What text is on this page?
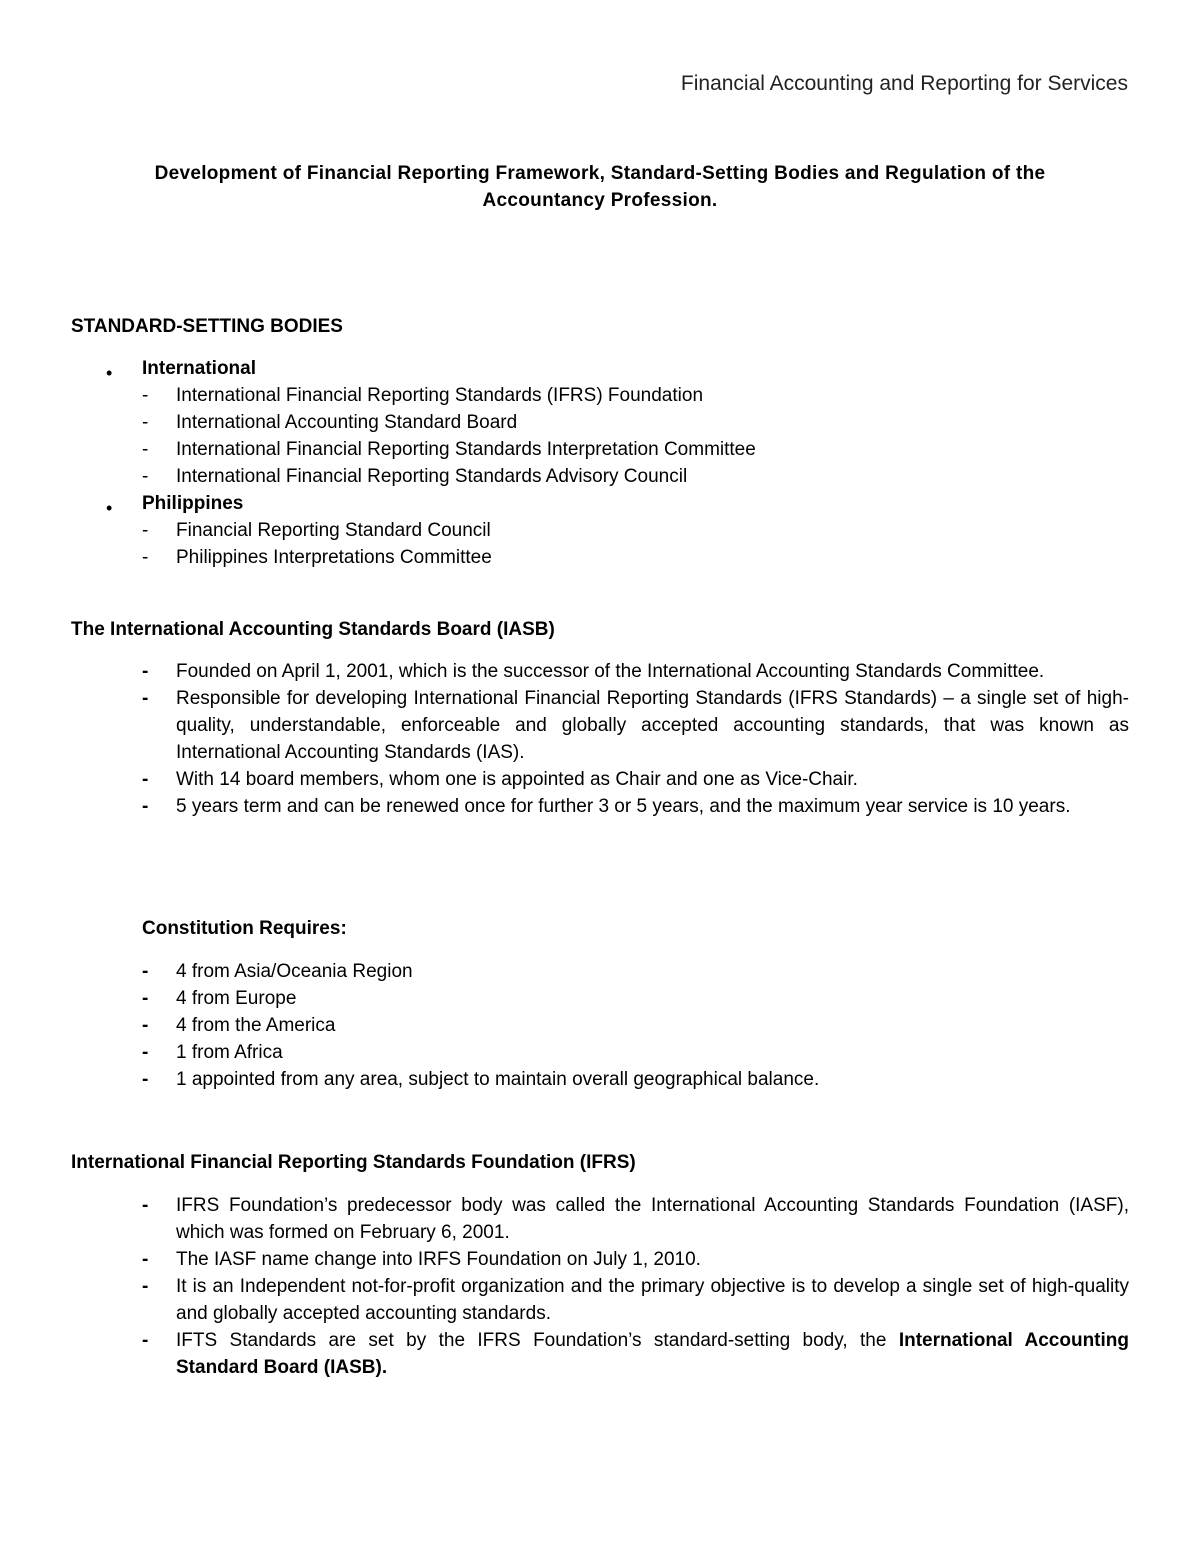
Financial Accounting and Reporting for Services
Development of Financial Reporting Framework, Standard-Setting Bodies and Regulation of the
Accountancy Profession.
STANDARD-SETTING BODIES
• International
- International Financial Reporting Standards (IFRS) Foundation
- International Accounting Standard Board
- International Financial Reporting Standards Interpretation Committee
- International Financial Reporting Standards Advisory Council
• Philippines
- Financial Reporting Standard Council
- Philippines Interpretations Committee
The International Accounting Standards Board (IASB)
- Founded on April 1, 2001, which is the successor of the International Accounting Standards Committee.
- Responsible for developing International Financial Reporting Standards (IFRS Standards) – a single set of high-quality, understandable, enforceable and globally accepted accounting standards, that was known as International Accounting Standards (IAS).
- With 14 board members, whom one is appointed as Chair and one as Vice-Chair.
- 5 years term and can be renewed once for further 3 or 5 years, and the maximum year service is 10 years.
Constitution Requires:
- 4 from Asia/Oceania Region
- 4 from Europe
- 4 from the America
- 1 from Africa
- 1 appointed from any area, subject to maintain overall geographical balance.
International Financial Reporting Standards Foundation (IFRS)
- IFRS Foundation’s predecessor body was called the International Accounting Standards Foundation (IASF), which was formed on February 6, 2001.
- The IASF name change into IRFS Foundation on July 1, 2010.
- It is an Independent not-for-profit organization and the primary objective is to develop a single set of high-quality and globally accepted accounting standards.
- IFTS Standards are set by the IFRS Foundation’s standard-setting body, the International Accounting Standard Board (IASB).
